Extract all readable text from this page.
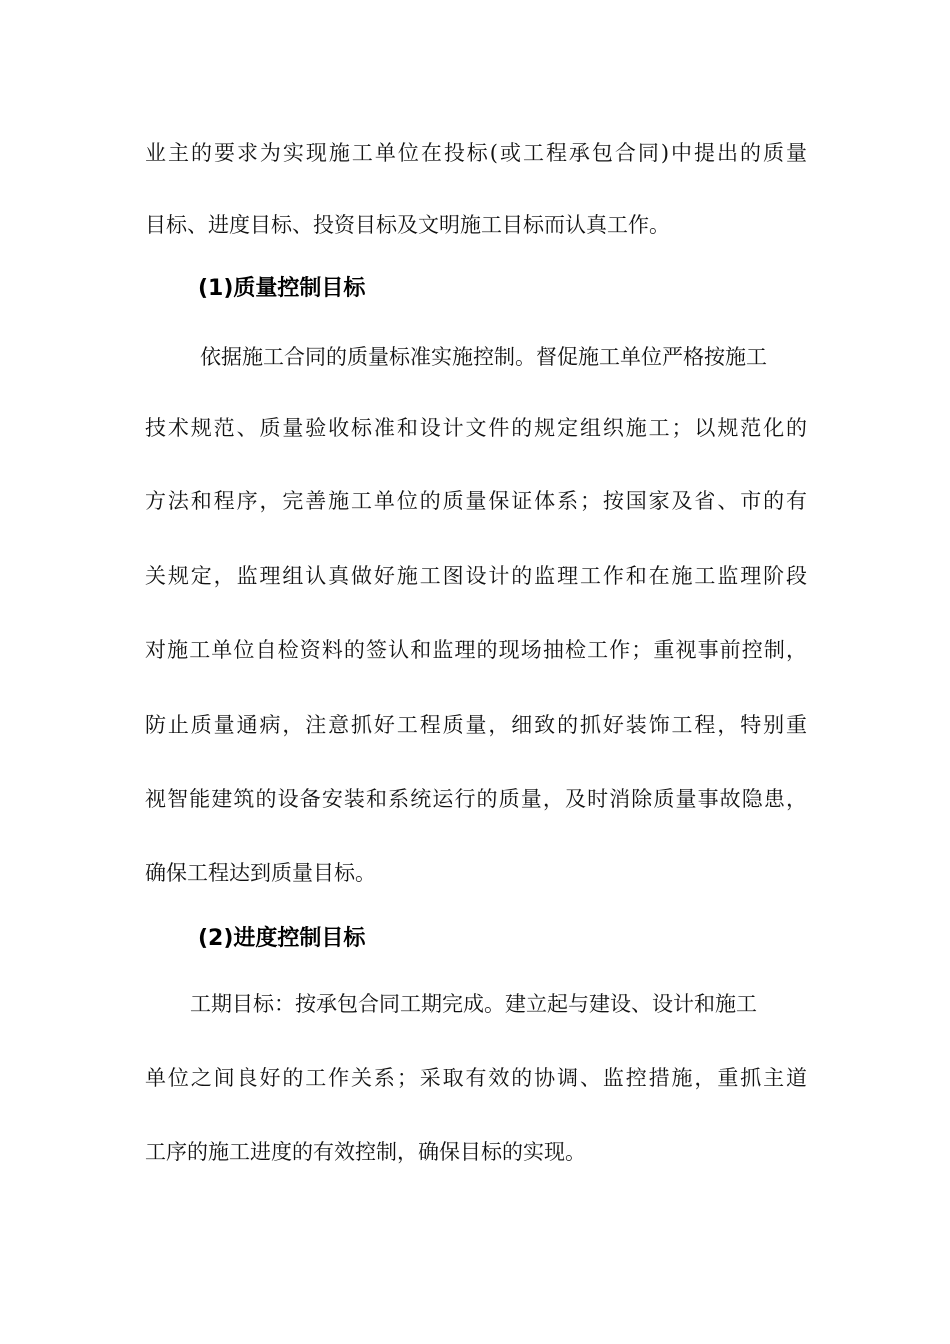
业主的要求为实现施工单位在投标(或工程承包合同)中提出的质量
目标、进度目标、投资目标及文明施工目标而认真工作。
(1)质量控制目标
依据施工合同的质量标准实施控制。督促施工单位严格按施工
技术规范、质量验收标准和设计文件的规定组织施工；以规范化的
方法和程序，完善施工单位的质量保证体系；按国家及省、市的有
关规定，监理组认真做好施工图设计的监理工作和在施工监理阶段
对施工单位自检资料的签认和监理的现场抽检工作；重视事前控制，
防止质量通病，注意抓好工程质量，细致的抓好装饰工程，特别重
视智能建筑的设备安装和系统运行的质量，及时消除质量事故隐患，
确保工程达到质量目标。
(2)进度控制目标
工期目标：按承包合同工期完成。建立起与建设、设计和施工
单位之间良好的工作关系；采取有效的协调、监控措施，重抓主道
工序的施工进度的有效控制，确保目标的实现。
